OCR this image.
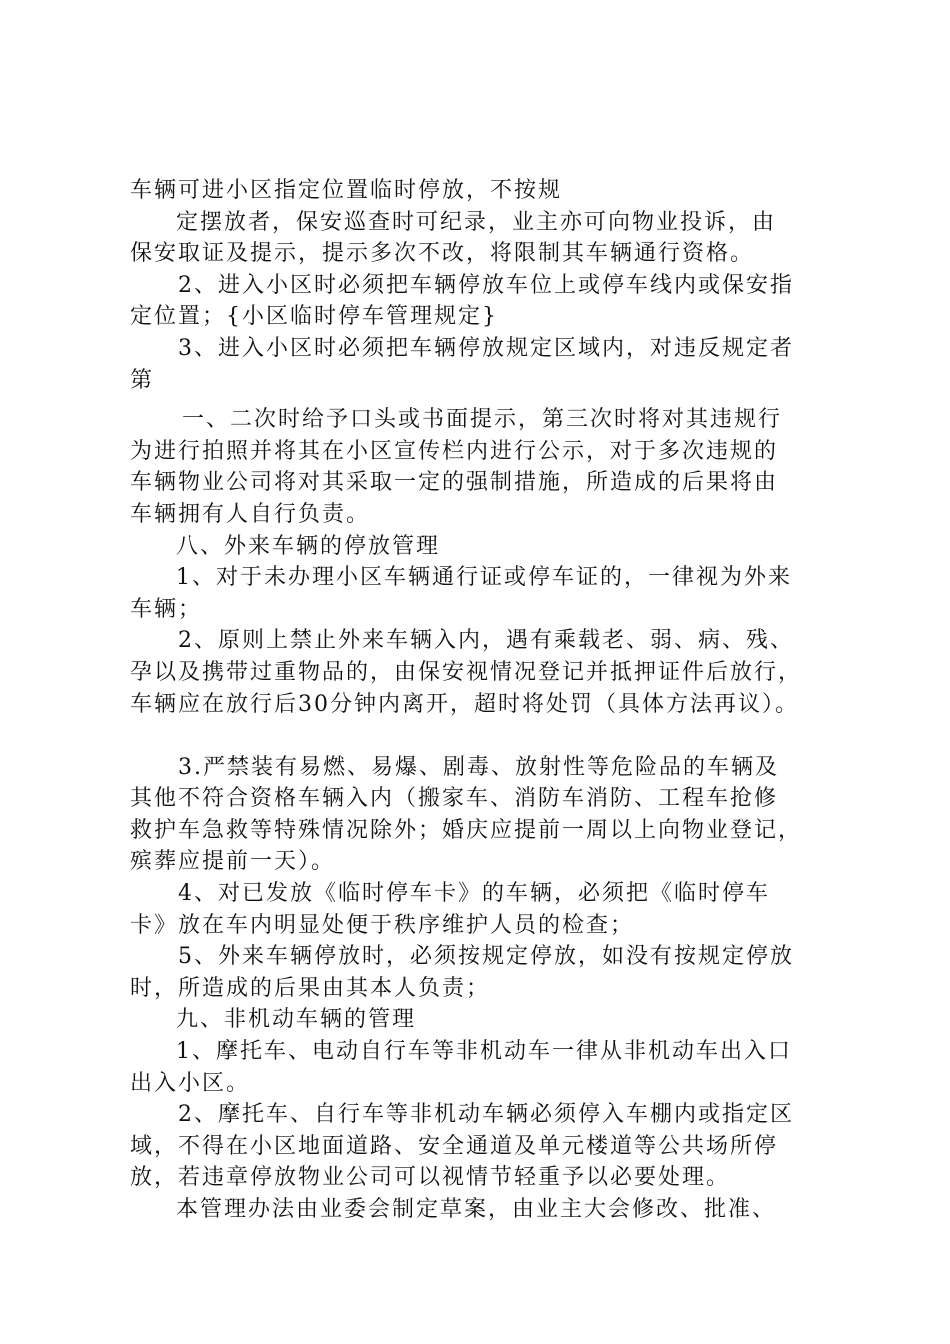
车辆可进小区指定位置临时停放，不按规
定摆放者，保安巡查时可纪录，业主亦可向物业投诉，由
保安取证及提示，提示多次不改，将限制其车辆通行资格。
2、进入小区时必须把车辆停放车位上或停车线内或保安指
定位置；{小区临时停车管理规定}
3、进入小区时必须把车辆停放规定区域内，对违反规定者
第
一、二次时给予口头或书面提示，第三次时将对其违规行
为进行拍照并将其在小区宣传栏内进行公示，对于多次违规的
车辆物业公司将对其采取一定的强制措施，所造成的后果将由
车辆拥有人自行负责。
八、外来车辆的停放管理
1、对于未办理小区车辆通行证或停车证的，一律视为外来
车辆；
2、原则上禁止外来车辆入内，遇有乘载老、弱、病、残、
孕以及携带过重物品的，由保安视情况登记并抵押证件后放行，
车辆应在放行后30分钟内离开，超时将处罚（具体方法再议）。
3.严禁装有易燃、易爆、剧毒、放射性等危险品的车辆及
其他不符合资格车辆入内（搬家车、消防车消防、工程车抢修
救护车急救等特殊情况除外；婚庆应提前一周以上向物业登记，
殡葬应提前一天）。
4、对已发放《临时停车卡》的车辆，必须把《临时停车
卡》放在车内明显处便于秩序维护人员的检查；
5、外来车辆停放时，必须按规定停放，如没有按规定停放
时，所造成的后果由其本人负责；
九、非机动车辆的管理
1、摩托车、电动自行车等非机动车一律从非机动车出入口
出入小区。
2、摩托车、自行车等非机动车辆必须停入车棚内或指定区
域，不得在小区地面道路、安全通道及单元楼道等公共场所停
放，若违章停放物业公司可以视情节轻重予以必要处理。
本管理办法由业委会制定草案，由业主大会修改、批准、
